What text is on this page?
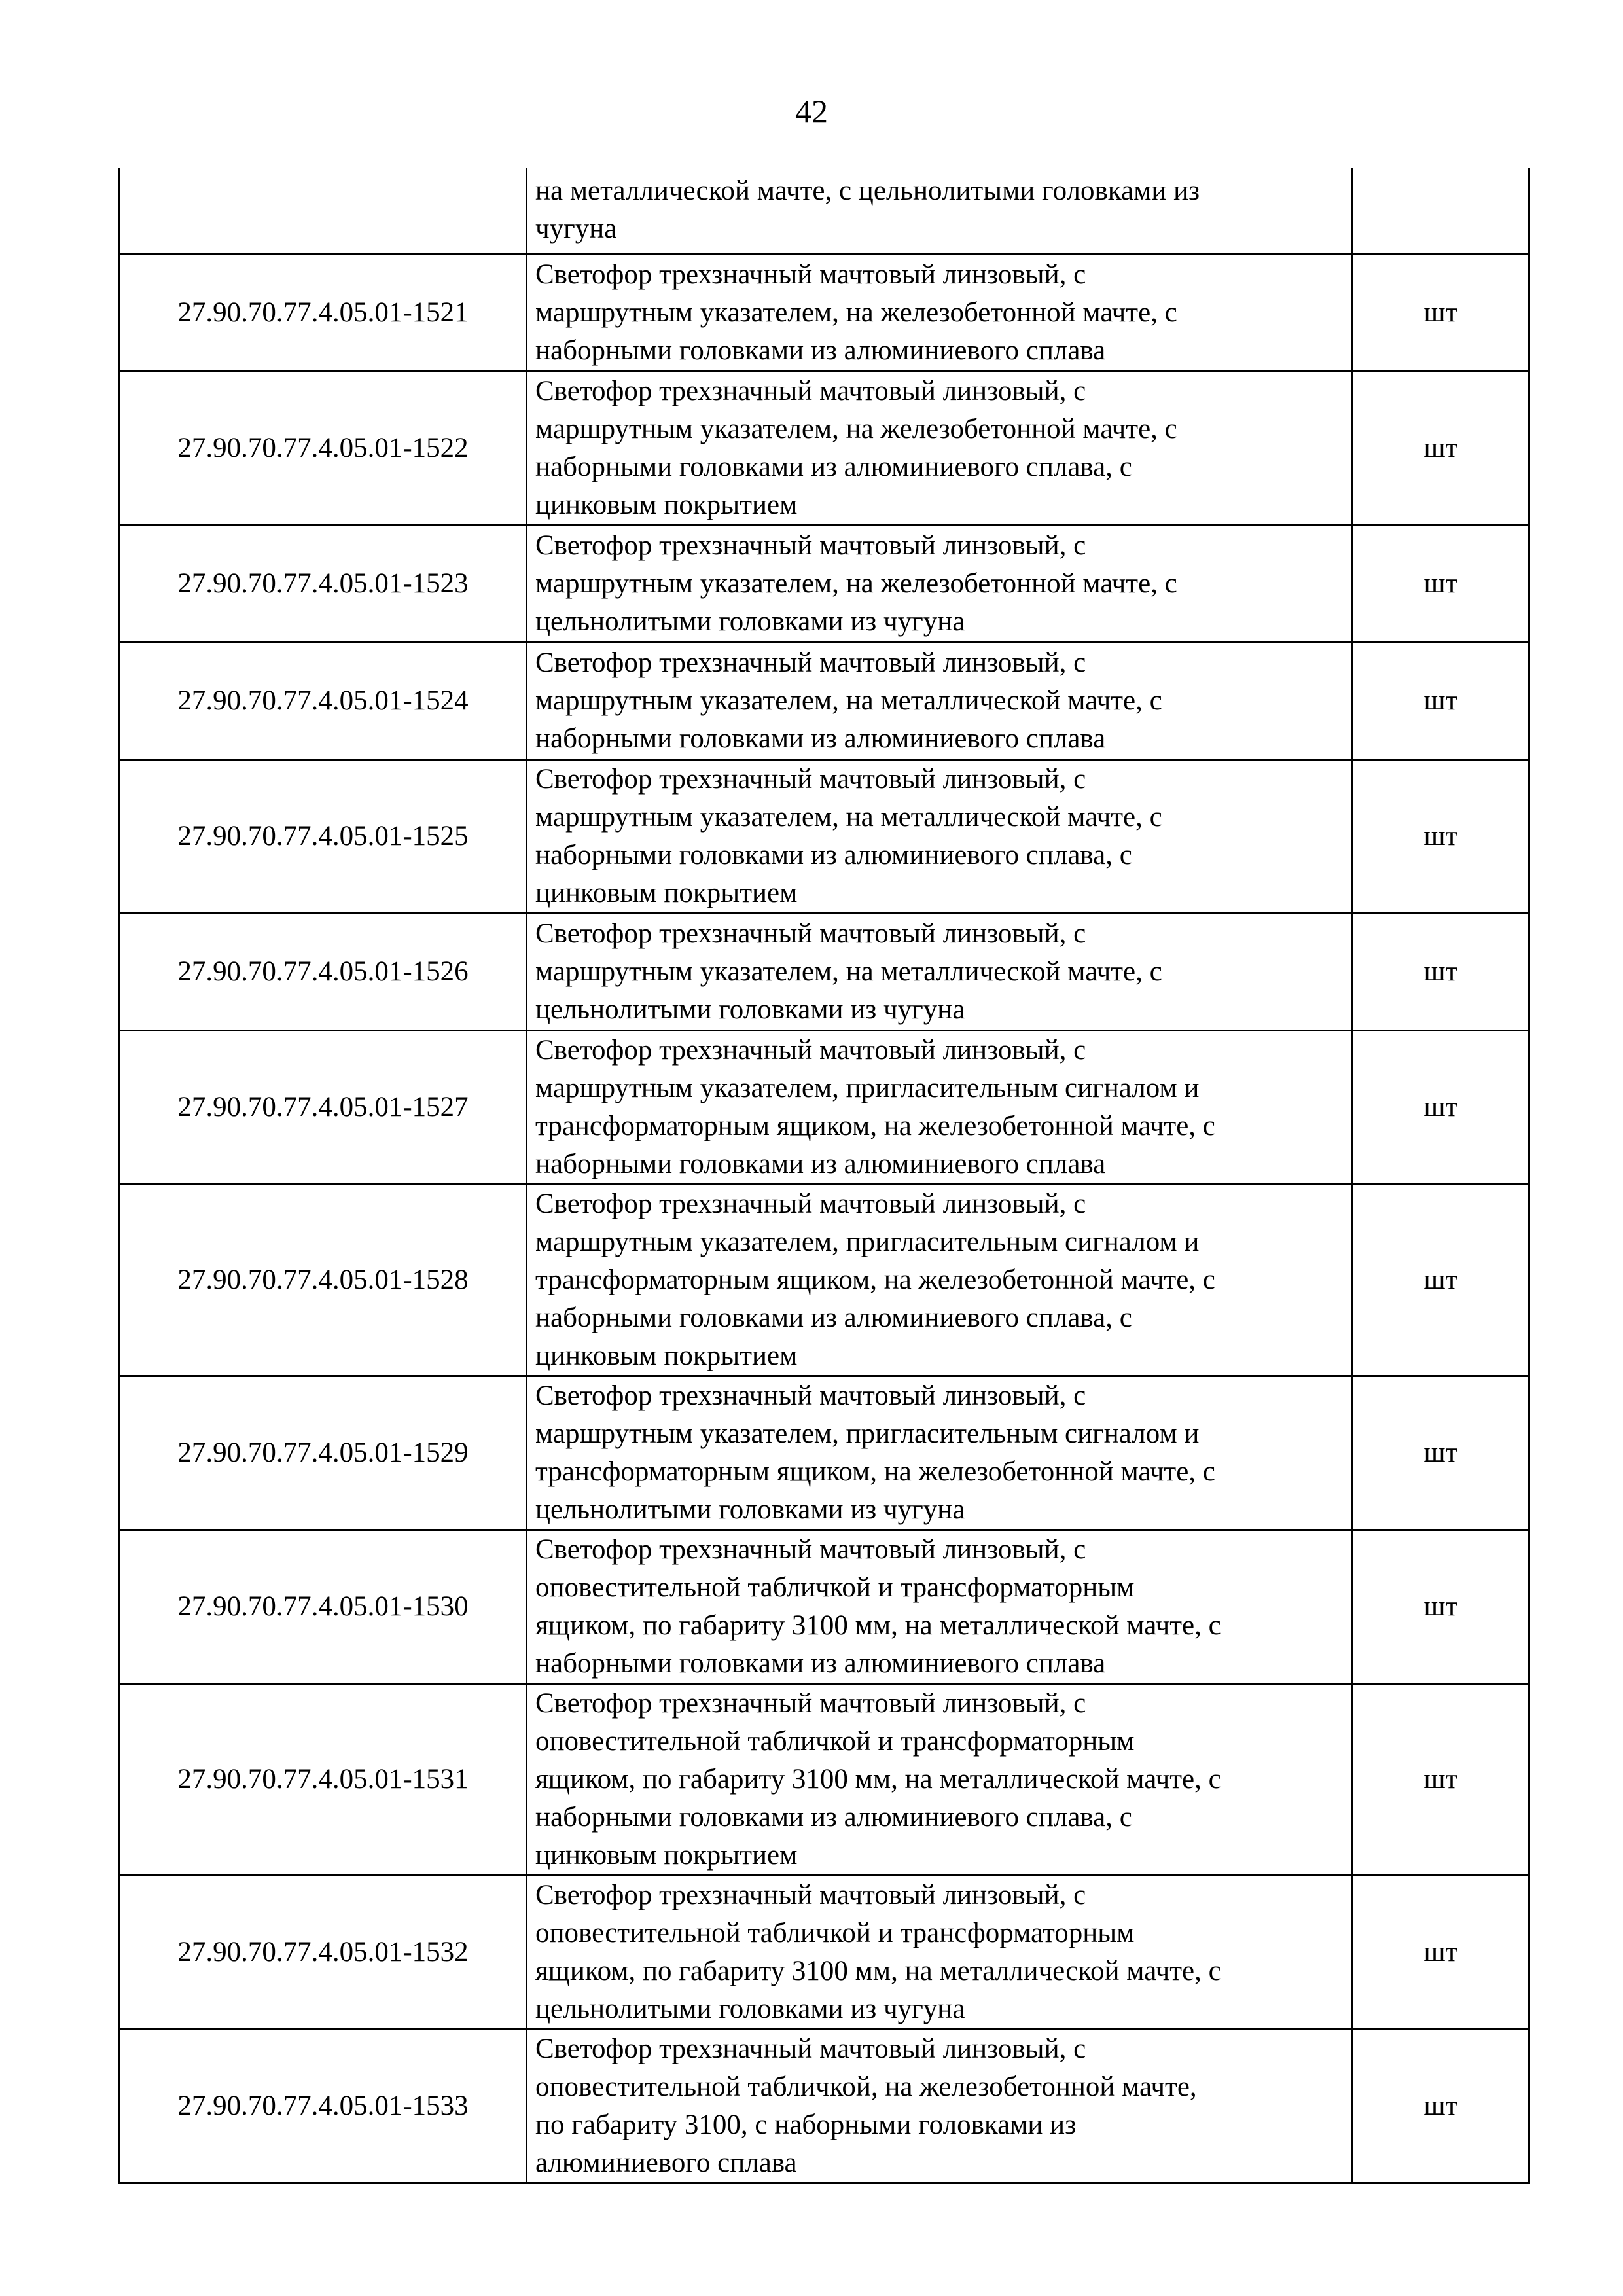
42

	на металлической мачте, с цельнолитыми головками из
чугуна	

27.90.70.77.4.05.01-1521	Светофор трехзначный мачтовый линзовый, с
маршрутным указателем, на железобетонной мачте, с
наборными головками из алюминиевого сплава	шт
27.90.70.77.4.05.01-1522	Светофор трехзначный мачтовый линзовый, с
маршрутным указателем, на железобетонной мачте, с
наборными головками из алюминиевого сплава, с
цинковым покрытием	шт
27.90.70.77.4.05.01-1523	Светофор трехзначный мачтовый линзовый, с
маршрутным указателем, на железобетонной мачте, с
цельнолитыми головками из чугуна	шт
27.90.70.77.4.05.01-1524	Светофор трехзначный мачтовый линзовый, с
маршрутным указателем, на металлической мачте, с
наборными головками из алюминиевого сплава	шт
27.90.70.77.4.05.01-1525	Светофор трехзначный мачтовый линзовый, с
маршрутным указателем, на металлической мачте, с
наборными головками из алюминиевого сплава, с
цинковым покрытием	шт
27.90.70.77.4.05.01-1526	Светофор трехзначный мачтовый линзовый, с
маршрутным указателем, на металлической мачте, с
цельнолитыми головками из чугуна	шт
27.90.70.77.4.05.01-1527	Светофор трехзначный мачтовый линзовый, с
маршрутным указателем, пригласительным сигналом и
трансформаторным ящиком, на железобетонной мачте, с
наборными головками из алюминиевого сплава	шт
27.90.70.77.4.05.01-1528	Светофор трехзначный мачтовый линзовый, с
маршрутным указателем, пригласительным сигналом и
трансформаторным ящиком, на железобетонной мачте, с
наборными головками из алюминиевого сплава, с
цинковым покрытием	шт
27.90.70.77.4.05.01-1529	Светофор трехзначный мачтовый линзовый, с
маршрутным указателем, пригласительным сигналом и
трансформаторным ящиком, на железобетонной мачте, с
цельнолитыми головками из чугуна	шт
27.90.70.77.4.05.01-1530	Светофор трехзначный мачтовый линзовый, с
оповестительной табличкой и трансформаторным
ящиком, по габариту 3100 мм, на металлической мачте, с
наборными головками из алюминиевого сплава	шт
27.90.70.77.4.05.01-1531	Светофор трехзначный мачтовый линзовый, с
оповестительной табличкой и трансформаторным
ящиком, по габариту 3100 мм, на металлической мачте, с
наборными головками из алюминиевого сплава, с
цинковым покрытием	шт
27.90.70.77.4.05.01-1532	Светофор трехзначный мачтовый линзовый, с
оповестительной табличкой и трансформаторным
ящиком, по габариту 3100 мм, на металлической мачте, с
цельнолитыми головками из чугуна	шт
27.90.70.77.4.05.01-1533	Светофор трехзначный мачтовый линзовый, с
оповестительной табличкой, на железобетонной мачте,
по габариту 3100, с наборными головками из
алюминиевого сплава	шт
